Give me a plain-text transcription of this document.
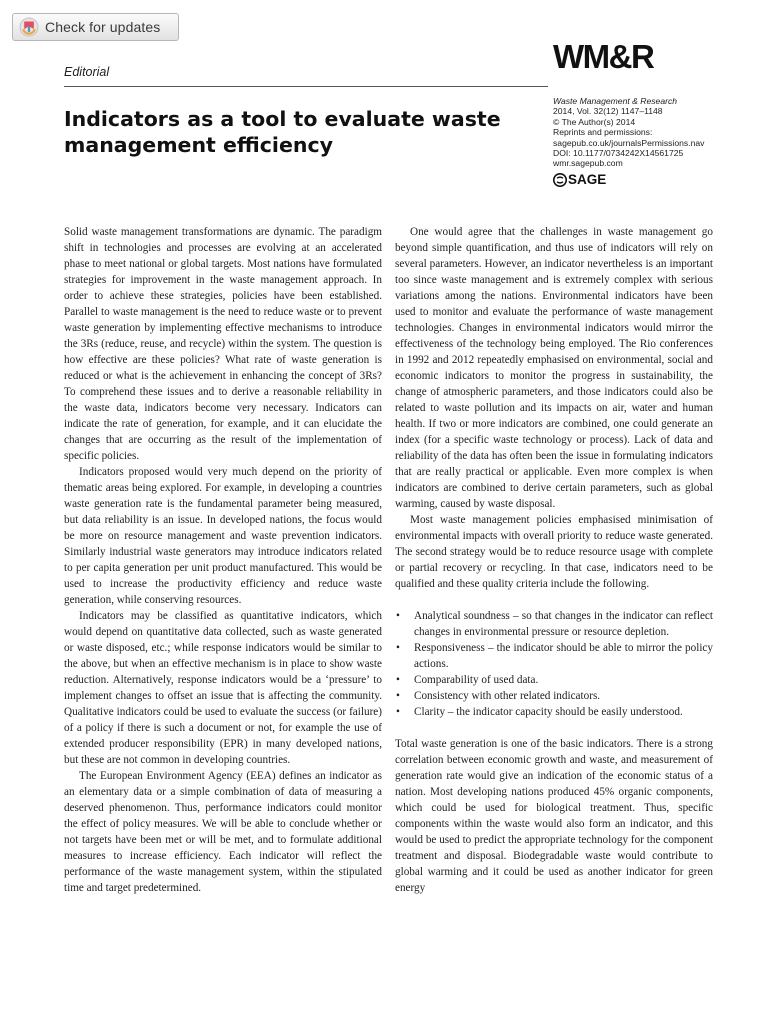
Check for updates
Editorial	WM&R
Indicators as a tool to evaluate waste management efficiency
Waste Management & Research
2014, Vol. 32(12) 1147–1148
© The Author(s) 2014
Reprints and permissions:
sagepub.co.uk/journalsPermissions.nav
DOI: 10.1177/0734242X14561725
wmr.sagepub.com
SAGE

Solid waste management transformations are dynamic. The paradigm shift in technologies and processes are evolving at an accelerated phase to meet national or global targets. Most nations have formulated strategies for improvement in the waste management approach. In order to achieve these strategies, policies have been established. Parallel to waste management is the need to reduce waste or to prevent waste generation by implementing effective mechanisms to introduce the 3Rs (reduce, reuse, and recycle) within the system. The question is how effective are these policies? What rate of waste generation is reduced or what is the achievement in enhancing the concept of 3Rs? To comprehend these issues and to derive a reasonable reliability in the waste data, indicators become very necessary. Indicators can indicate the rate of generation, for example, and it can elucidate the changes that are occurring as the result of the implementation of specific policies.

Indicators proposed would very much depend on the priority of thematic areas being explored. For example, in developing a countries waste generation rate is the fundamental parameter being measured, but data reliability is an issue. In developed nations, the focus would be more on resource management and waste prevention indicators. Similarly industrial waste generators may introduce indicators related to per capita generation per unit product manufactured. This would be used to increase the productivity efficiency and reduce waste generation, while conserving resources.

Indicators may be classified as quantitative indicators, which would depend on quantitative data collected, such as waste generated or waste disposed, etc.; while response indicators would be similar to the above, but when an effective mechanism is in place to show waste reduction. Alternatively, response indicators would be a ‘pressure’ to implement changes to offset an issue that is affecting the community. Qualitative indicators could be used to evaluate the success (or failure) of a policy if there is such a document or not, for example the use of extended producer responsibility (EPR) in many developed nations, but these are not common in developing countries.

The European Environment Agency (EEA) defines an indicator as an elementary data or a simple combination of data of measuring a deserved phenomenon. Thus, performance indicators could monitor the effect of policy measures. We will be able to conclude whether or not targets have been met or will be met, and to formulate additional measures to increase efficiency. Each indicator will reflect the performance of the waste management system, within the stipulated time and target predetermined.

One would agree that the challenges in waste management go beyond simple quantification, and thus use of indicators will rely on several parameters. However, an indicator nevertheless is an important too since waste management and is extremely complex with serious variations among the nations. Environmental indicators have been used to monitor and evaluate the performance of waste management technologies. Changes in environmental indicators would mirror the effectiveness of the technology being employed. The Rio conferences in 1992 and 2012 repeatedly emphasised on environmental, social and economic indicators to monitor the progress in sustainability, the change of atmospheric parameters, and those indicators could also be related to waste pollution and its impacts on air, water and human health. If two or more indicators are combined, one could generate an index (for a specific waste technology or process). Lack of data and reliability of the data has often been the issue in formulating indicators that are really practical or applicable. Even more complex is when indicators are combined to derive certain parameters, such as global warming, caused by waste disposal.

Most waste management policies emphasised minimisation of environmental impacts with overall priority to reduce waste generated. The second strategy would be to reduce resource usage with complete or partial recovery or recycling. In that case, indicators need to be qualified and these quality criteria include the following.

• Analytical soundness – so that changes in the indicator can reflect changes in environmental pressure or resource depletion.
• Responsiveness – the indicator should be able to mirror the policy actions.
• Comparability of used data.
• Consistency with other related indicators.
• Clarity – the indicator capacity should be easily understood.

Total waste generation is one of the basic indicators. There is a strong correlation between economic growth and waste, and measurement of generation rate would give an indication of the economic status of a nation. Most developing nations produced 45% organic components, which could be used for biological treatment. Thus, specific components within the waste would also form an indicator, and this would be used to predict the appropriate technology for the component treatment and disposal. Biodegradable waste would contribute to global warming and it could be used as another indicator for green energy
